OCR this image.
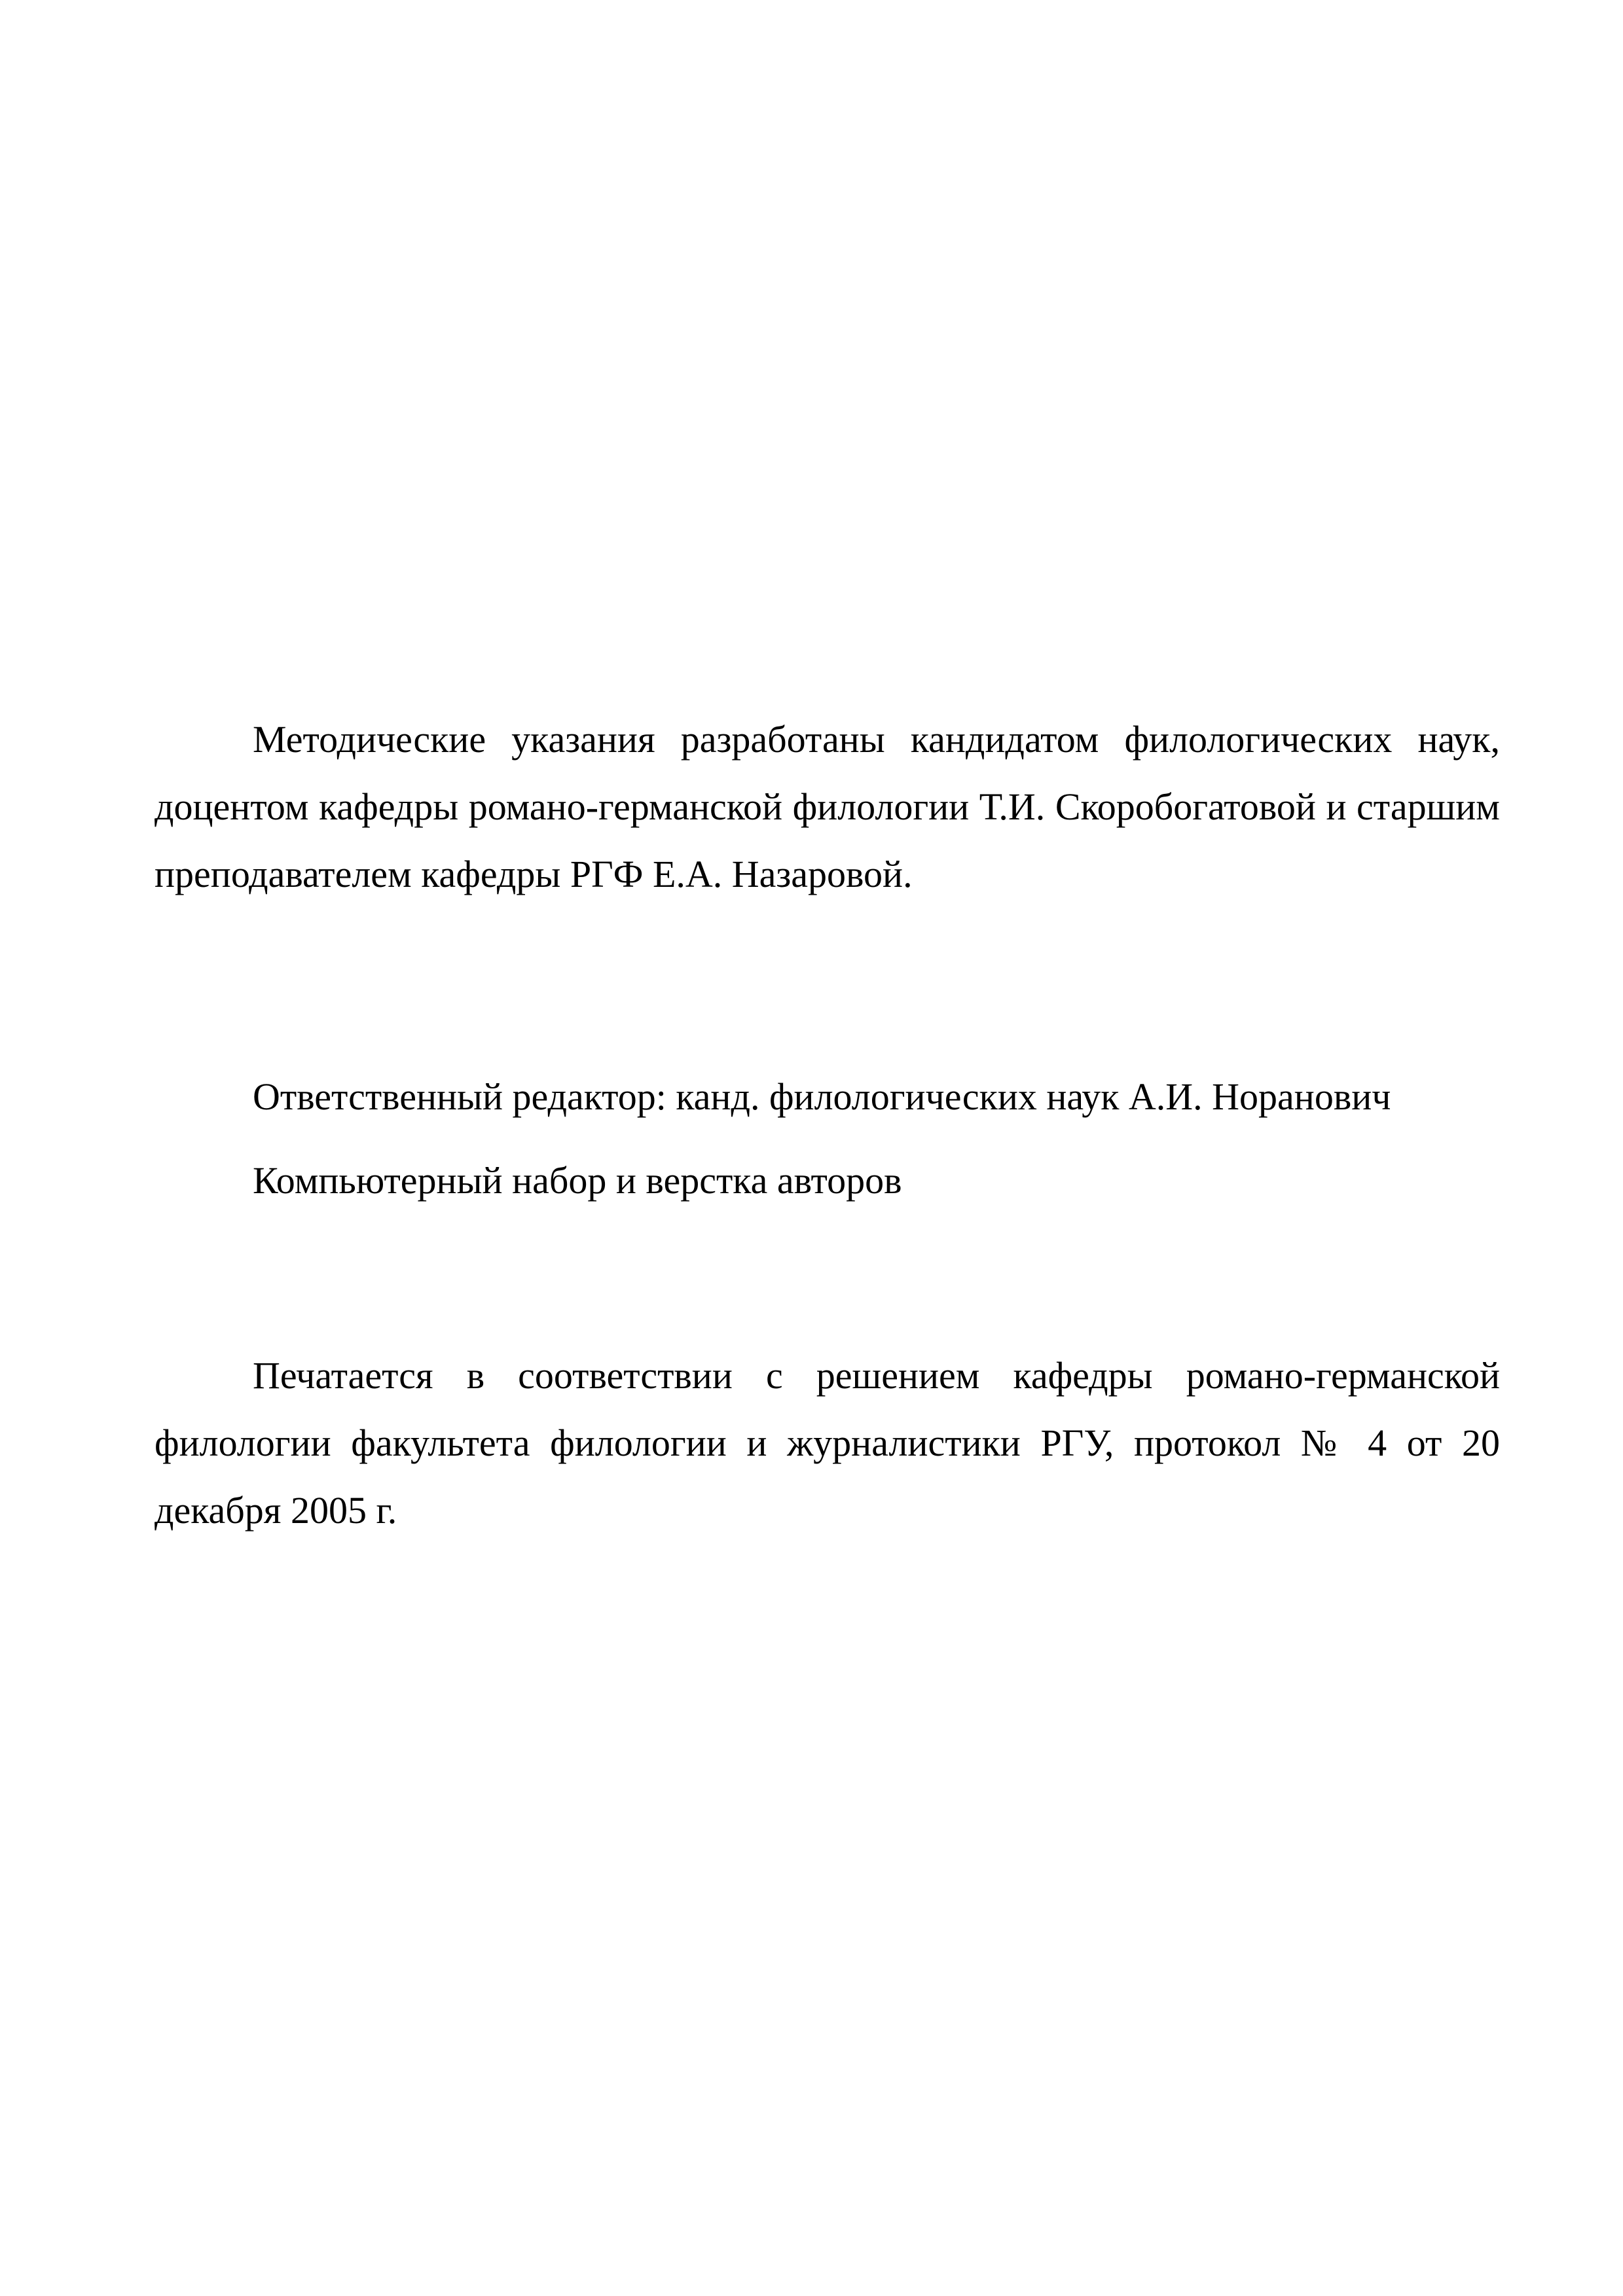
Методические указания разработаны кандидатом филологических наук, доцентом кафедры романо-германской филологии Т.И. Скоробогатовой и старшим преподавателем кафедры РГФ Е.А. Назаровой.

Ответственный редактор: канд. филологических наук А.И. Норанович

Компьютерный набор и верстка авторов

Печатается в соответствии с решением кафедры романо-германской филологии факультета филологии и журналистики РГУ, протокол № 4 от 20 декабря 2005 г.
